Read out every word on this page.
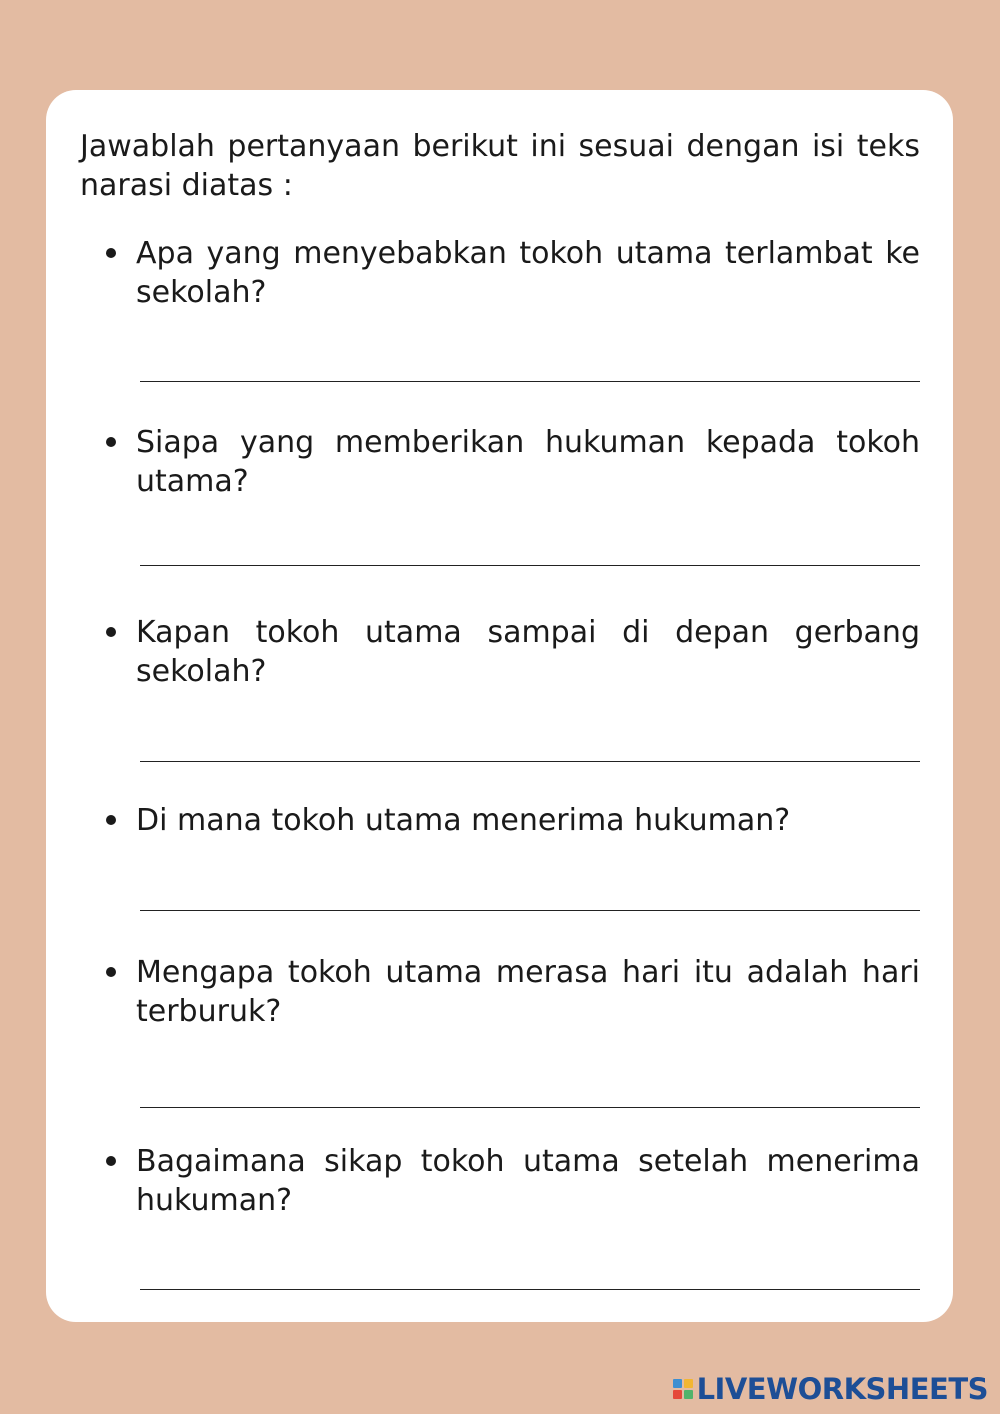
Jawablah pertanyaan berikut ini sesuai dengan isi teks narasi diatas :

Apa yang menyebabkan tokoh utama terlambat ke sekolah?

Siapa yang memberikan hukuman kepada tokoh utama?

Kapan tokoh utama sampai di depan gerbang sekolah?

Di mana tokoh utama menerima hukuman?

Mengapa tokoh utama merasa hari itu adalah hari terburuk?

Bagaimana sikap tokoh utama setelah menerima hukuman?

LIVEWORKSHEETS
